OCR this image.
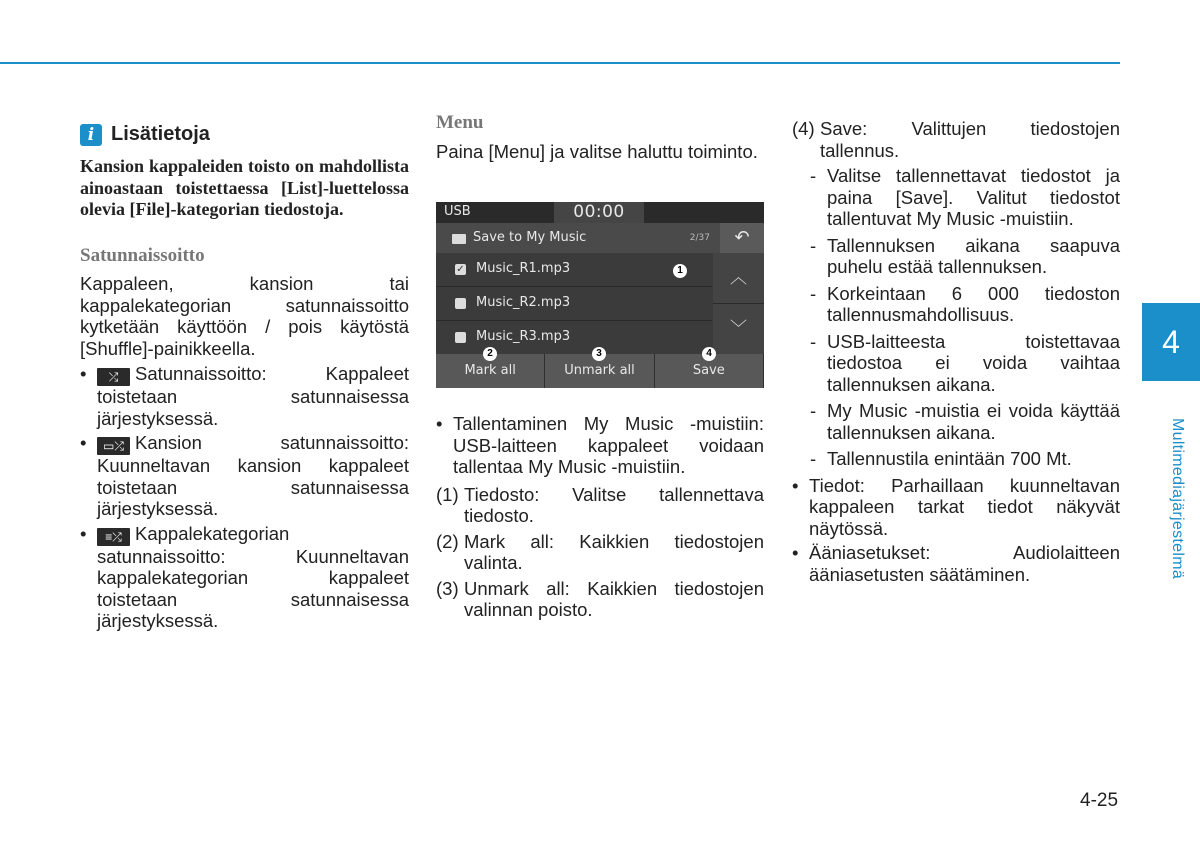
i Lisätietoja

Kansion kappaleiden toisto on mahdollista ainoastaan toistettaessa [List]-luettelossa olevia [File]-kategorian tiedostoja.

Satunnaissoitto

Kappaleen, kansion tai kappalekategorian satunnaissoitto kytketään käyttöön / pois käytöstä [Shuffle]-painikkeella.

•	⤮ Satunnaissoitto: Kappaleet toistetaan satunnaisessa järjestyksessä.
•	▭⤮ Kansion satunnaissoitto: Kuunneltavan kansion kappaleet toistetaan satunnaisessa järjestyksessä.
•	≡⤮ Kappalekategorian satunnaissoitto: Kuunneltavan kappalekategorian kappaleet toistetaan satunnaisessa järjestyksessä.

Menu

Paina [Menu] ja valitse haluttu toiminto.

USB	00:00
Save to My Music	2/37	↶
✓ Music_R1.mp3
Music_R2.mp3
Music_R3.mp3
︿
﹀
Mark all	Unmark all	Save
1
2	3	4
• Tallentaminen My Music -muistiin: USB-laitteen kappaleet voidaan tallentaa My Music -muistiin.
(1) Tiedosto: Valitse tallennettava tiedosto.
(2) Mark all: Kaikkien tiedostojen valinta.
(3) Unmark all: Kaikkien tiedostojen valinnan poisto.
(4) Save: Valittujen tiedostojen tallennus.
- Valitse tallennettavat tiedostot ja paina [Save]. Valitut tiedostot tallentuvat My Music -muistiin.
- Tallennuksen aikana saapuva puhelu estää tallennuksen.
- Korkeintaan 6 000 tiedoston tallennusmahdollisuus.
- USB-laitteesta toistettavaa tiedostoa ei voida vaihtaa tallennuksen aikana.
- My Music -muistia ei voida käyttää tallennuksen aikana.
- Tallennustila enintään 700 Mt.
• Tiedot: Parhaillaan kuunneltavan kappaleen tarkat tiedot näkyvät näytössä.
• Ääniasetukset: Audiolaitteen ääniasetusten säätäminen.
4
Multimediajärjestelmä
4-25
